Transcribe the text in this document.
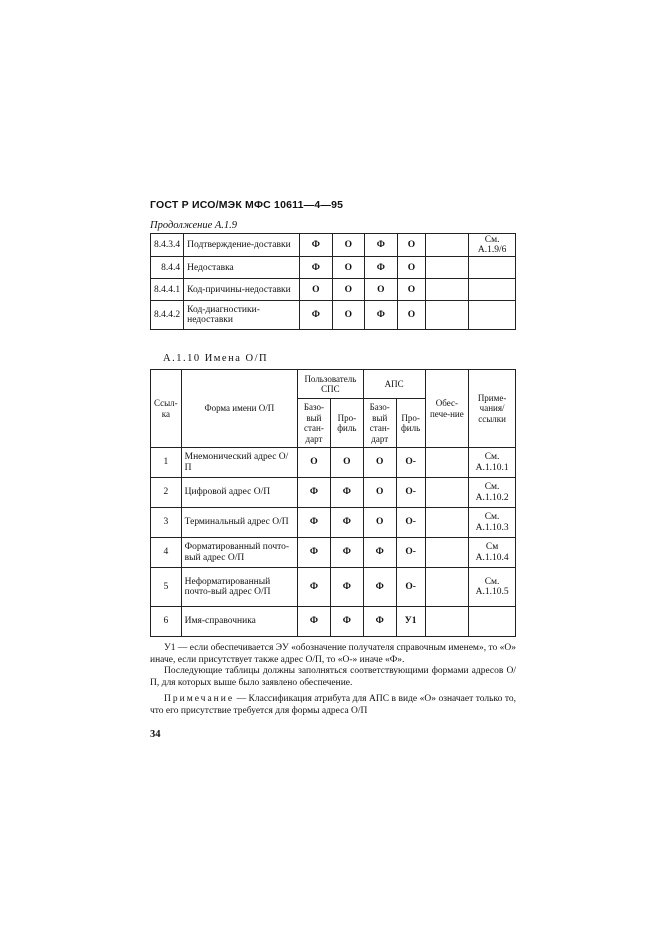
ГОСТ Р ИСО/МЭК МФС 10611—4—95
Продолжение А.1.9
8.4.3.4	Подтверждение-доставки	Ф	О	Ф	О		См. А.1.9/6
8.4.4	Недоставка	Ф	О	Ф	О		
8.4.4.1	Код-причины-недоставки	О	О	О	О		
8.4.4.2	Код-диагностики-недоставки	Ф	О	Ф	О		
А.1.10 Имена О/П
Ссыл-ка	Форма имени О/П	Пользователь СПС		АПС		Обес-пече-ние	Приме-чания/ссылки
		Базо-вый стан-дарт	Про-филь	Базо-вый стан-дарт	Про-филь		
1	Мнемонический адрес О/П	О	О	О	О-		См. А.1.10.1
2	Цифровой адрес О/П	Ф	Ф	О	О-		См. А.1.10.2
3	Терминальный адрес О/П	Ф	Ф	О	О-		См. А.1.10.3
4	Форматированный почто-вый адрес О/П	Ф	Ф	Ф	О-		См А.1.10.4
5	Неформатированный почто-вый адрес О/П	Ф	Ф	Ф	О-		См. А.1.10.5
6	Имя-справочника	Ф	Ф	Ф	У1		

У1 — если обеспечивается ЭУ «обозначение получателя справочным именем», то «О» иначе, если присутствует также адрес О/П, то «О-» иначе «Ф».

Последующие таблицы должны заполняться соответствующими формами адресов О/П, для которых выше было заявлено обеспечение.

Примечание — Классификация атрибута для АПС в виде «О» означает только то, что его присутствие требуется для формы адреса О/П
34
